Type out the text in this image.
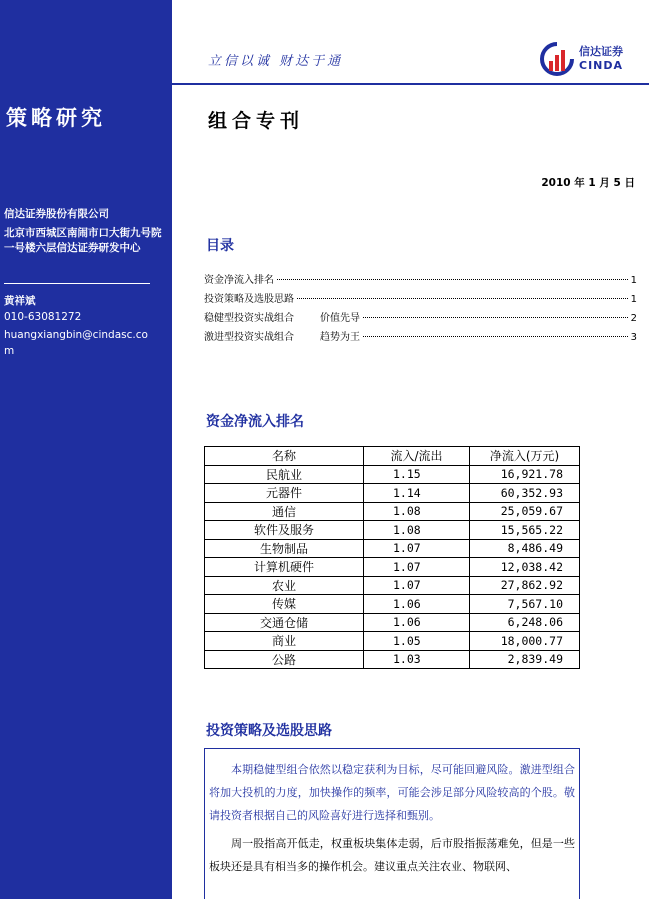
策略研究
信达证券股份有限公司
北京市西城区南闹市口大街九号院一号楼六层信达证券研发中心
黄祥斌
010-63081272
huangxiangbin@cindasc.com
立信以诚 财达于通
信达证券
CINDA
组合专刊
2010 年 1 月 5 日
目录
资金净流入排名	1
投资策略及选股思路	1
稳健型投资实战组合	价值先导	2
激进型投资实战组合	趋势为王	3
资金净流入排名
名称	流入/流出	净流入(万元)
民航业	1.15	16,921.78
元器件	1.14	60,352.93
通信	1.08	25,059.67
软件及服务	1.08	15,565.22
生物制品	1.07	8,486.49
计算机硬件	1.07	12,038.42
农业	1.07	27,862.92
传媒	1.06	7,567.10
交通仓储	1.06	6,248.06
商业	1.05	18,000.77
公路	1.03	2,839.49
投资策略及选股思路

本期稳健型组合依然以稳定获利为目标，尽可能回避风险。激进型组合将加大投机的力度，加快操作的频率，可能会涉足部分风险较高的个股。敬请投资者根据自己的风险喜好进行选择和甄别。

周一股指高开低走，权重板块集体走弱，后市股指振荡难免，但是一些板块还是具有相当多的操作机会。建议重点关注农业、物联网、
